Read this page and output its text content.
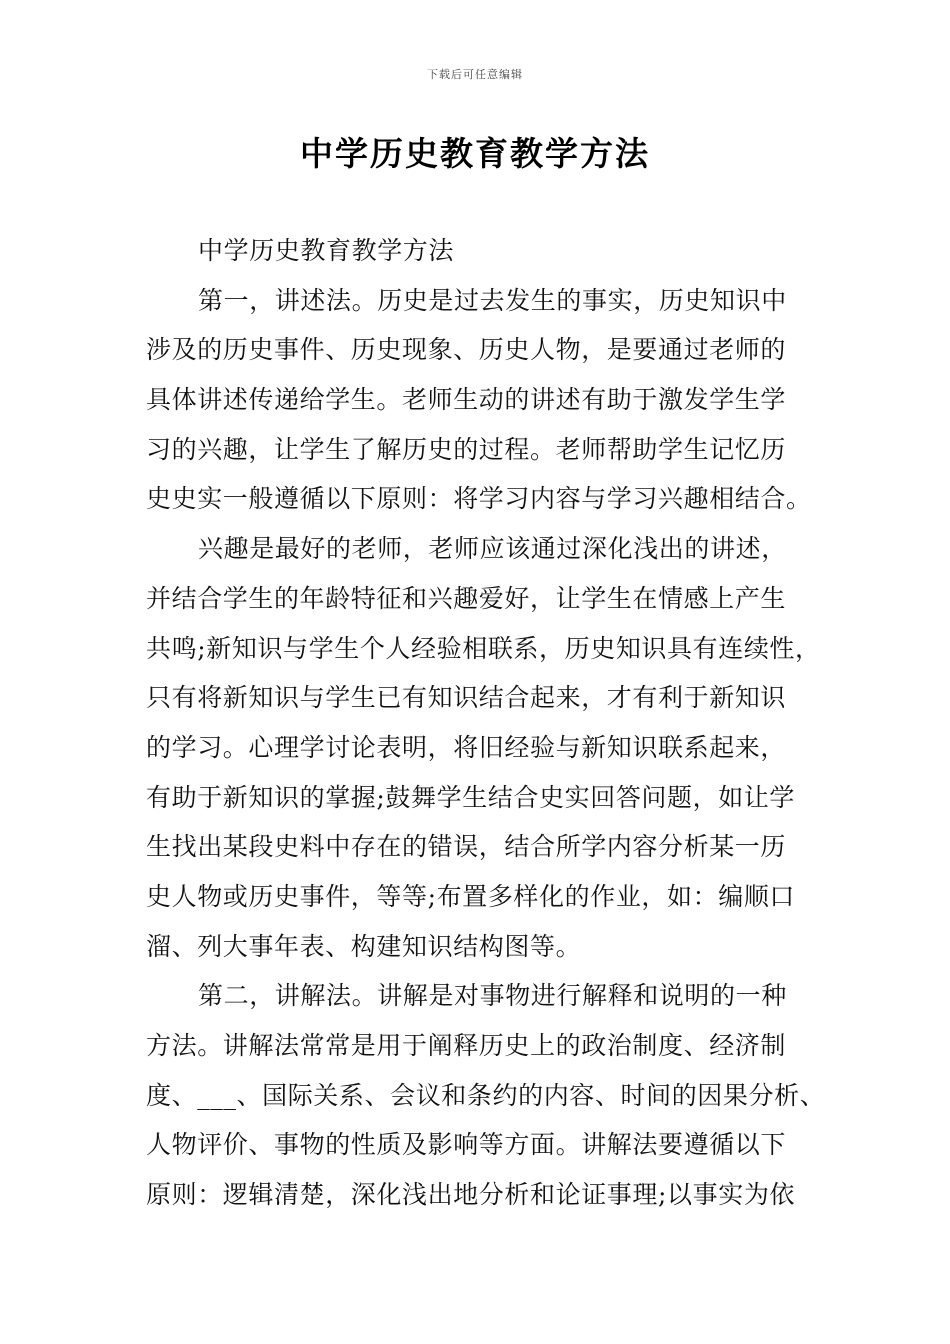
下载后可任意编辑
中学历史教育教学方法
中学历史教育教学方法
第一，讲述法。历史是过去发生的事实，历史知识中
涉及的历史事件、历史现象、历史人物，是要通过老师的
具体讲述传递给学生。老师生动的讲述有助于激发学生学
习的兴趣，让学生了解历史的过程。老师帮助学生记忆历
史史实一般遵循以下原则：将学习内容与学习兴趣相结合。
兴趣是最好的老师，老师应该通过深化浅出的讲述，
并结合学生的年龄特征和兴趣爱好，让学生在情感上产生
共鸣;新知识与学生个人经验相联系，历史知识具有连续性，
只有将新知识与学生已有知识结合起来，才有利于新知识
的学习。心理学讨论表明，将旧经验与新知识联系起来，
有助于新知识的掌握;鼓舞学生结合史实回答问题，如让学
生找出某段史料中存在的错误，结合所学内容分析某一历
史人物或历史事件，等等;布置多样化的作业，如：编顺口
溜、列大事年表、构建知识结构图等。
第二，讲解法。讲解是对事物进行解释和说明的一种
方法。讲解法常常是用于阐释历史上的政治制度、经济制
度、___、国际关系、会议和条约的内容、时间的因果分析、
人物评价、事物的性质及影响等方面。讲解法要遵循以下
原则：逻辑清楚，深化浅出地分析和论证事理;以事实为依
